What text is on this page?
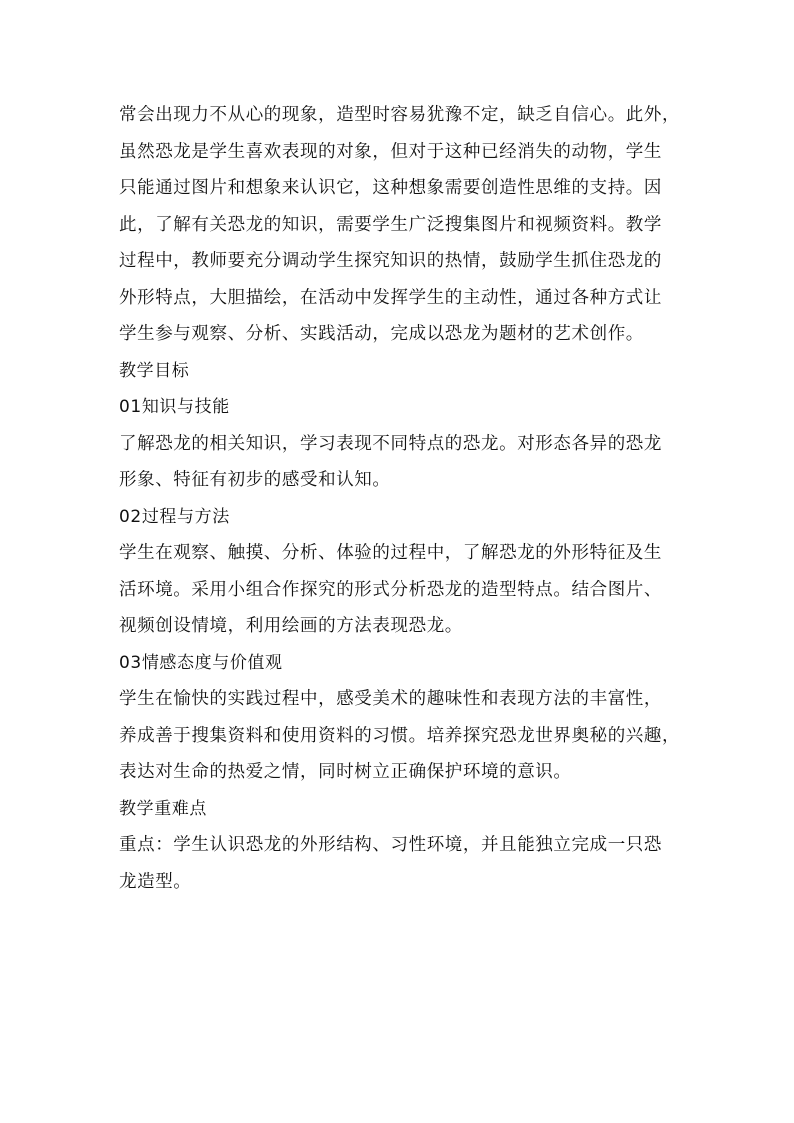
常会出现力不从心的现象，造型时容易犹豫不定，缺乏自信心。此外，
虽然恐龙是学生喜欢表现的对象，但对于这种已经消失的动物，学生
只能通过图片和想象来认识它，这种想象需要创造性思维的支持。因
此，了解有关恐龙的知识，需要学生广泛搜集图片和视频资料。教学
过程中，教师要充分调动学生探究知识的热情，鼓励学生抓住恐龙的
外形特点，大胆描绘，在活动中发挥学生的主动性，通过各种方式让
学生参与观察、分析、实践活动，完成以恐龙为题材的艺术创作。
教学目标
01知识与技能
了解恐龙的相关知识，学习表现不同特点的恐龙。对形态各异的恐龙
形象、特征有初步的感受和认知。
02过程与方法
学生在观察、触摸、分析、体验的过程中，了解恐龙的外形特征及生
活环境。采用小组合作探究的形式分析恐龙的造型特点。结合图片、
视频创设情境，利用绘画的方法表现恐龙。
03情感态度与价值观
学生在愉快的实践过程中，感受美术的趣味性和表现方法的丰富性，
养成善于搜集资料和使用资料的习惯。培养探究恐龙世界奥秘的兴趣，
表达对生命的热爱之情，同时树立正确保护环境的意识。
教学重难点
重点：学生认识恐龙的外形结构、习性环境，并且能独立完成一只恐
龙造型。
